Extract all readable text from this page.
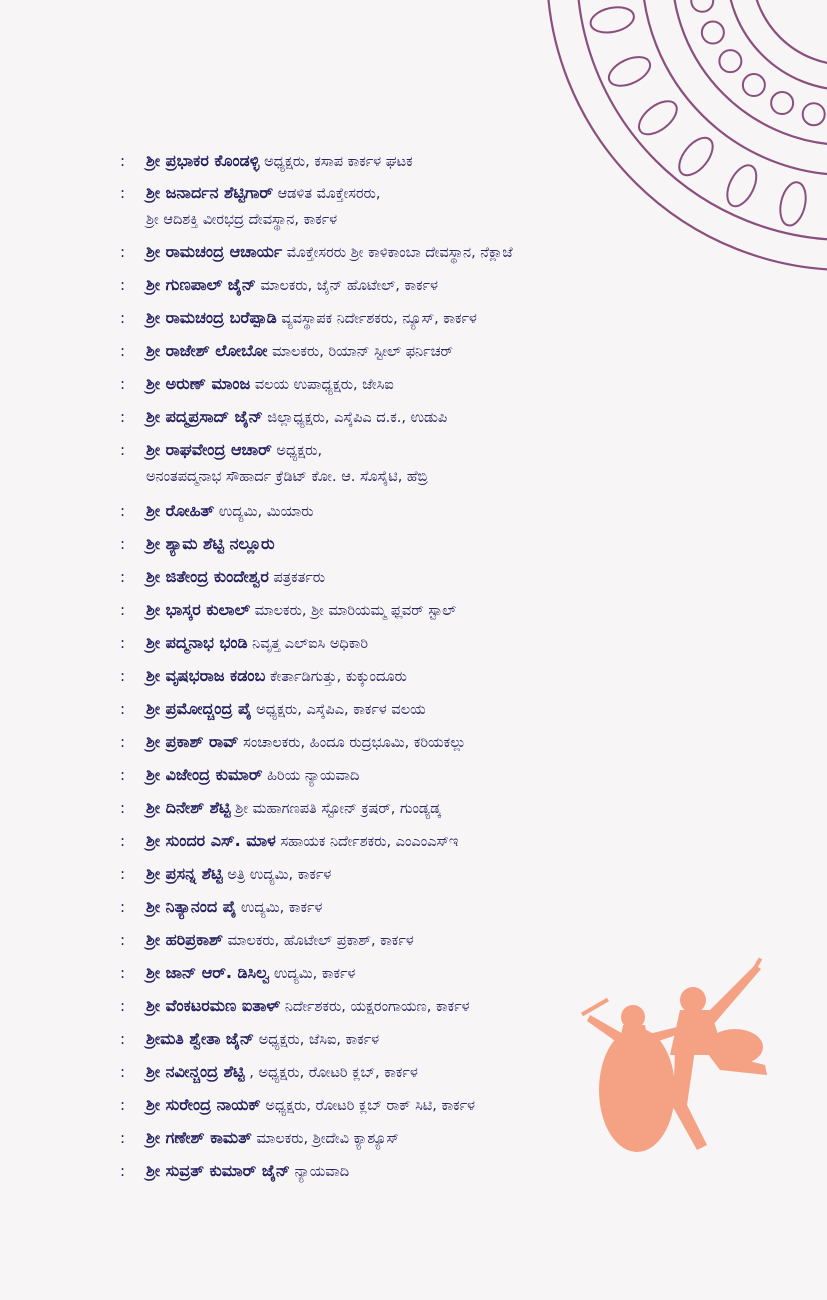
: ಶ್ರೀ ಪ್ರಭಾಕರ ಕೊಂಡಳ್ಳಿ ಅಧ್ಯಕ್ಷರು, ಕಸಾಪ ಕಾರ್ಕಳ ಘಟಕ
: ಶ್ರೀ ಜನಾರ್ದನ ಶೆಟ್ಟಿಗಾರ್ ಆಡಳಿತ ಮೊಕ್ತೇಸರರು,
ಶ್ರೀ ಆದಿಶಕ್ತಿ ವೀರಭದ್ರ ದೇವಸ್ಥಾನ, ಕಾರ್ಕಳ
: ಶ್ರೀ ರಾಮಚಂದ್ರ ಆಚಾರ್ಯ ಮೊಕ್ತೇಸರರು ಶ್ರೀ ಕಾಳಿಕಾಂಬಾ ದೇವಸ್ಥಾನ, ನೆಕ್ಲಾಜೆ
: ಶ್ರೀ ಗುಣಪಾಲ್ ಜೈನ್ ಮಾಲಕರು, ಜೈನ್ ಹೊಟೇಲ್, ಕಾರ್ಕಳ
: ಶ್ರೀ ರಾಮಚಂದ್ರ ಬರೆಪ್ಪಾಡಿ ವ್ಯವಸ್ಥಾಪಕ ನಿರ್ದೇಶಕರು, ನ್ಯೂಸ್, ಕಾರ್ಕಳ
: ಶ್ರೀ ರಾಜೇಶ್ ಲೋಬೋ ಮಾಲಕರು, ರಿಯಾನ್ ಸ್ಟೀಲ್ ಫರ್ನಿಚರ್
: ಶ್ರೀ ಅರುಣ್ ಮಾಂಜ ವಲಯ ಉಪಾಧ್ಯಕ್ಷರು, ಜೇಸಿಐ
: ಶ್ರೀ ಪದ್ಮಪ್ರಸಾದ್ ಜೈನ್ ಜಿಲ್ಲಾಧ್ಯಕ್ಷರು, ಎಸ್ಕೆಪಿಎ ದ.ಕ., ಉಡುಪಿ
: ಶ್ರೀ ರಾಘವೇಂದ್ರ ಆಚಾರ್ ಅಧ್ಯಕ್ಷರು,
ಅನಂತಪದ್ಮನಾಭ ಸೌಹಾರ್ದ ಕ್ರೆಡಿಟ್ ಕೋ. ಆ. ಸೊಸೈಟಿ, ಹೆಬ್ರಿ
: ಶ್ರೀ ರೋಹಿತ್ ಉದ್ಯಮಿ, ಮಿಯಾರು
: ಶ್ರೀ ಶ್ಯಾಮ ಶೆಟ್ಟಿ ನಲ್ಲೂರು
: ಶ್ರೀ ಜಿತೇಂದ್ರ ಕುಂದೇಶ್ವರ ಪತ್ರಕರ್ತರು
: ಶ್ರೀ ಭಾಸ್ಕರ ಕುಲಾಲ್ ಮಾಲಕರು, ಶ್ರೀ ಮಾರಿಯಮ್ಮ ಫ್ಲವರ್ ಸ್ಟಾಲ್
: ಶ್ರೀ ಪದ್ಮನಾಭ ಭಂಡಿ ನಿವೃತ್ತ ಎಲ್ಐಸಿ ಅಧಿಕಾರಿ
: ಶ್ರೀ ವೃಷಭರಾಜ ಕಡಂಬ ಕೇರ್ತಾಡಿಗುತ್ತು, ಕುಕ್ಕುಂದೂರು
: ಶ್ರೀ ಪ್ರಮೋದ್ಚಂದ್ರ ಪೈ ಅಧ್ಯಕ್ಷರು, ಎಸ್ಕೆಪಿಎ, ಕಾರ್ಕಳ ವಲಯ
: ಶ್ರೀ ಪ್ರಕಾಶ್ ರಾವ್ ಸಂಚಾಲಕರು, ಹಿಂದೂ ರುದ್ರಭೂಮಿ, ಕರಿಯಕಲ್ಲು
: ಶ್ರೀ ವಿಜೇಂದ್ರ ಕುಮಾರ್ ಹಿರಿಯ ನ್ಯಾಯವಾದಿ
: ಶ್ರೀ ದಿನೇಶ್ ಶೆಟ್ಟಿ ಶ್ರೀ ಮಹಾಗಣಪತಿ ಸ್ಟೋನ್ ಕ್ರಷರ್, ಗುಂಡ್ಯಡ್ಕ
: ಶ್ರೀ ಸುಂದರ ಎಸ್. ಮಾಳ ಸಹಾಯಕ ನಿರ್ದೇಶಕರು, ಎಂಎಂಎಸ್ಇ
: ಶ್ರೀ ಪ್ರಸನ್ನ ಶೆಟ್ಟಿ ಅತ್ರಿ ಉದ್ಯಮಿ, ಕಾರ್ಕಳ
: ಶ್ರೀ ನಿತ್ಯಾನಂದ ಪೈ ಉದ್ಯಮಿ, ಕಾರ್ಕಳ
: ಶ್ರೀ ಹರಿಪ್ರಕಾಶ್ ಮಾಲಕರು, ಹೊಟೇಲ್ ಪ್ರಕಾಶ್, ಕಾರ್ಕಳ
: ಶ್ರೀ ಜಾನ್ ಆರ್. ಡಿಸಿಲ್ವ ಉದ್ಯಮಿ, ಕಾರ್ಕಳ
: ಶ್ರೀ ವೆಂಕಟರಮಣ ಐತಾಳ್ ನಿರ್ದೇಶಕರು, ಯಕ್ಷರಂಗಾಯಣ, ಕಾರ್ಕಳ
: ಶ್ರೀಮತಿ ಶ್ವೇತಾ ಜೈನ್ ಅಧ್ಯಕ್ಷರು, ಜೆಸಿಐ, ಕಾರ್ಕಳ
: ಶ್ರೀ ನವೀನ್ಚಂದ್ರ ಶೆಟ್ಟಿ , ಅಧ್ಯಕ್ಷರು, ರೋಟರಿ ಕ್ಲಬ್, ಕಾರ್ಕಳ
: ಶ್ರೀ ಸುರೇಂದ್ರ ನಾಯಕ್ ಅಧ್ಯಕ್ಷರು, ರೋಟರಿ ಕ್ಲಬ್ ರಾಕ್ ಸಿಟಿ, ಕಾರ್ಕಳ
: ಶ್ರೀ ಗಣೇಶ್ ಕಾಮತ್ ಮಾಲಕರು, ಶ್ರೀದೇವಿ ಕ್ಯಾಶ್ಯೂಸ್
: ಶ್ರೀ ಸುವ್ರತ್ ಕುಮಾರ್ ಜೈನ್ ನ್ಯಾಯವಾದಿ
